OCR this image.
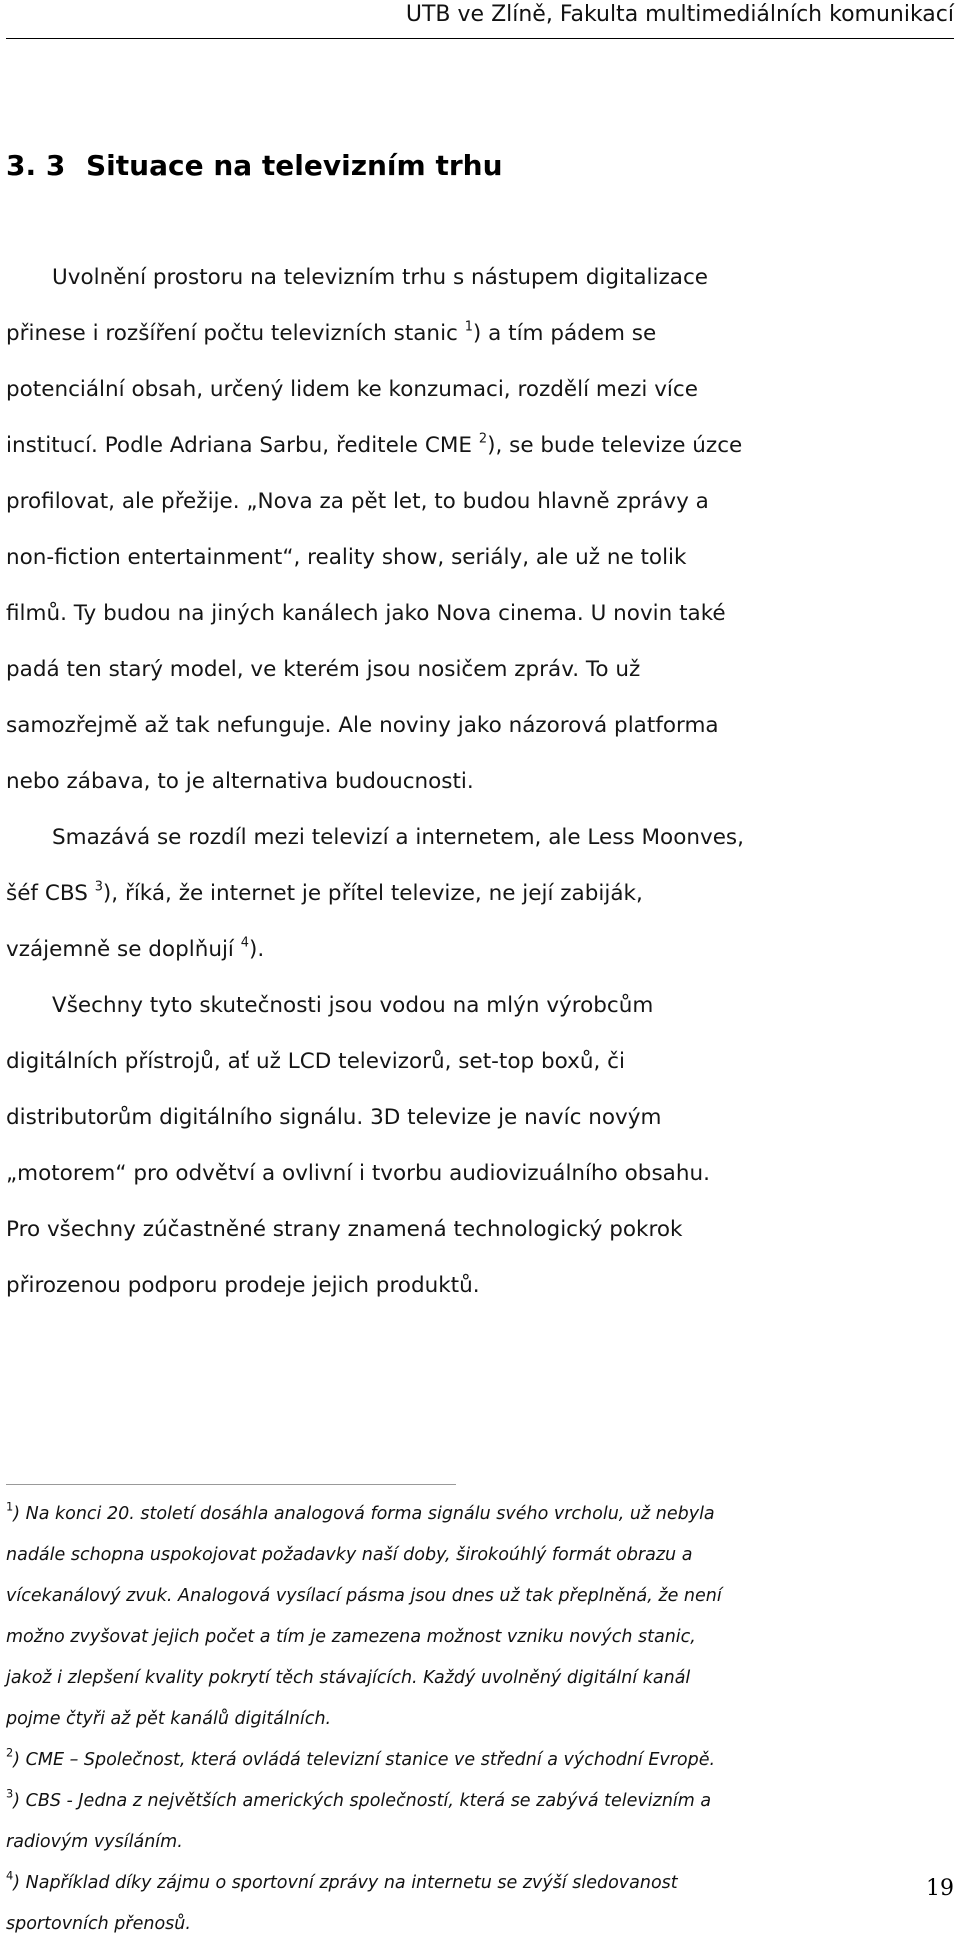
UTB ve Zlíně, Fakulta multimediálních komunikací
3. 3 Situace na televizním trhu
Uvolnění prostoru na televizním trhu s nástupem digitalizace
přinese i rozšíření počtu televizních stanic $^1$) a tím pádem se
potenciální obsah, určený lidem ke konzumaci, rozdělí mezi více
institucí. Podle Adriana Sarbu, ředitele CME $^2$), se bude televize úzce
profilovat, ale přežije. „Nova za pět let, to budou hlavně zprávy a
non-fiction entertainment“, reality show, seriály, ale už ne tolik
filmů. Ty budou na jiných kanálech jako Nova cinema. U novin také
padá ten starý model, ve kterém jsou nosičem zpráv. To už
samozřejmě až tak nefunguje. Ale noviny jako názorová platforma
nebo zábava, to je alternativa budoucnosti.
Smazává se rozdíl mezi televizí a internetem, ale Less Moonves,
šéf CBS $^3$), říká, že internet je přítel televize, ne její zabiják,
vzájemně se doplňují $^4$).
Všechny tyto skutečnosti jsou vodou na mlýn výrobcům
digitálních přístrojů, ať už LCD televizorů, set-top boxů, či
distributorům digitálního signálu. 3D televize je navíc novým
„motorem“ pro odvětví a ovlivní i tvorbu audiovizuálního obsahu.
Pro všechny zúčastněné strany znamená technologický pokrok
přirozenou podporu prodeje jejich produktů.
$^1$) Na konci 20. století dosáhla analogová forma signálu svého vrcholu, už nebyla
nadále schopna uspokojovat požadavky naší doby, širokoúhlý formát obrazu a
vícekanálový zvuk. Analogová vysílací pásma jsou dnes už tak přeplněná, že není
možno zvyšovat jejich počet a tím je zamezena možnost vzniku nových stanic,
jakož i zlepšení kvality pokrytí těch stávajících. Každý uvolněný digitální kanál
pojme čtyři až pět kanálů digitálních.
$^2$) CME – Společnost, která ovládá televizní stanice ve střední a východní Evropě.
$^3$) CBS - Jedna z největších amerických společností, která se zabývá televizním a
radiovým vysíláním.
$^4$) Například díky zájmu o sportovní zprávy na internetu se zvýší sledovanost
sportovních přenosů.
19
